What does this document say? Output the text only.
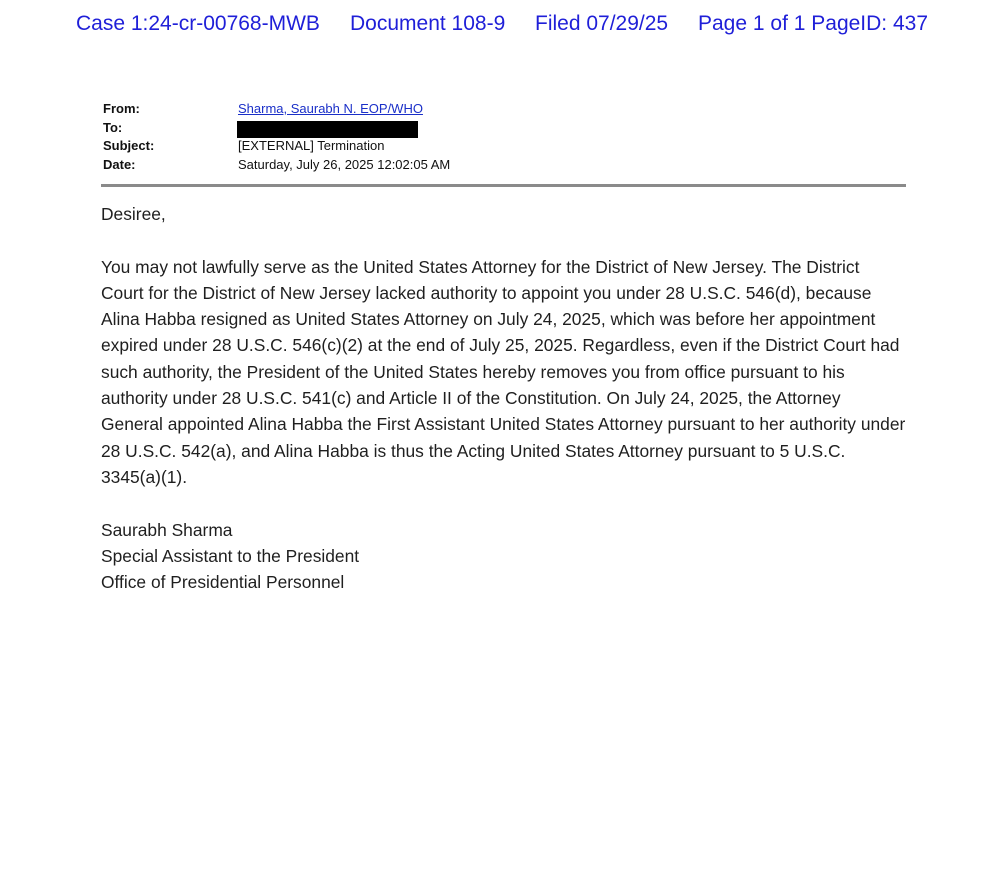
Case 1:24-cr-00768-MWB Document 108-9 Filed 07/29/25 Page 1 of 1 PageID: 437
From:	Sharma, Saurabh N. EOP/WHO
To:
Subject:	[EXTERNAL] Termination
Date:	Saturday, July 26, 2025 12:02:05 AM

Desiree,

You may not lawfully serve as the United States Attorney for the District of New Jersey. The District Court for the District of New Jersey lacked authority to appoint you under 28 U.S.C. 546(d), because Alina Habba resigned as United States Attorney on July 24, 2025, which was before her appointment expired under 28 U.S.C. 546(c)(2) at the end of July 25, 2025. Regardless, even if the District Court had such authority, the President of the United States hereby removes you from office pursuant to his authority under 28 U.S.C. 541(c) and Article II of the Constitution. On July 24, 2025, the Attorney General appointed Alina Habba the First Assistant United States Attorney pursuant to her authority under 28 U.S.C. 542(a), and Alina Habba is thus the Acting United States Attorney pursuant to 5 U.S.C. 3345(a)(1).

Saurabh Sharma
Special Assistant to the President
Office of Presidential Personnel
